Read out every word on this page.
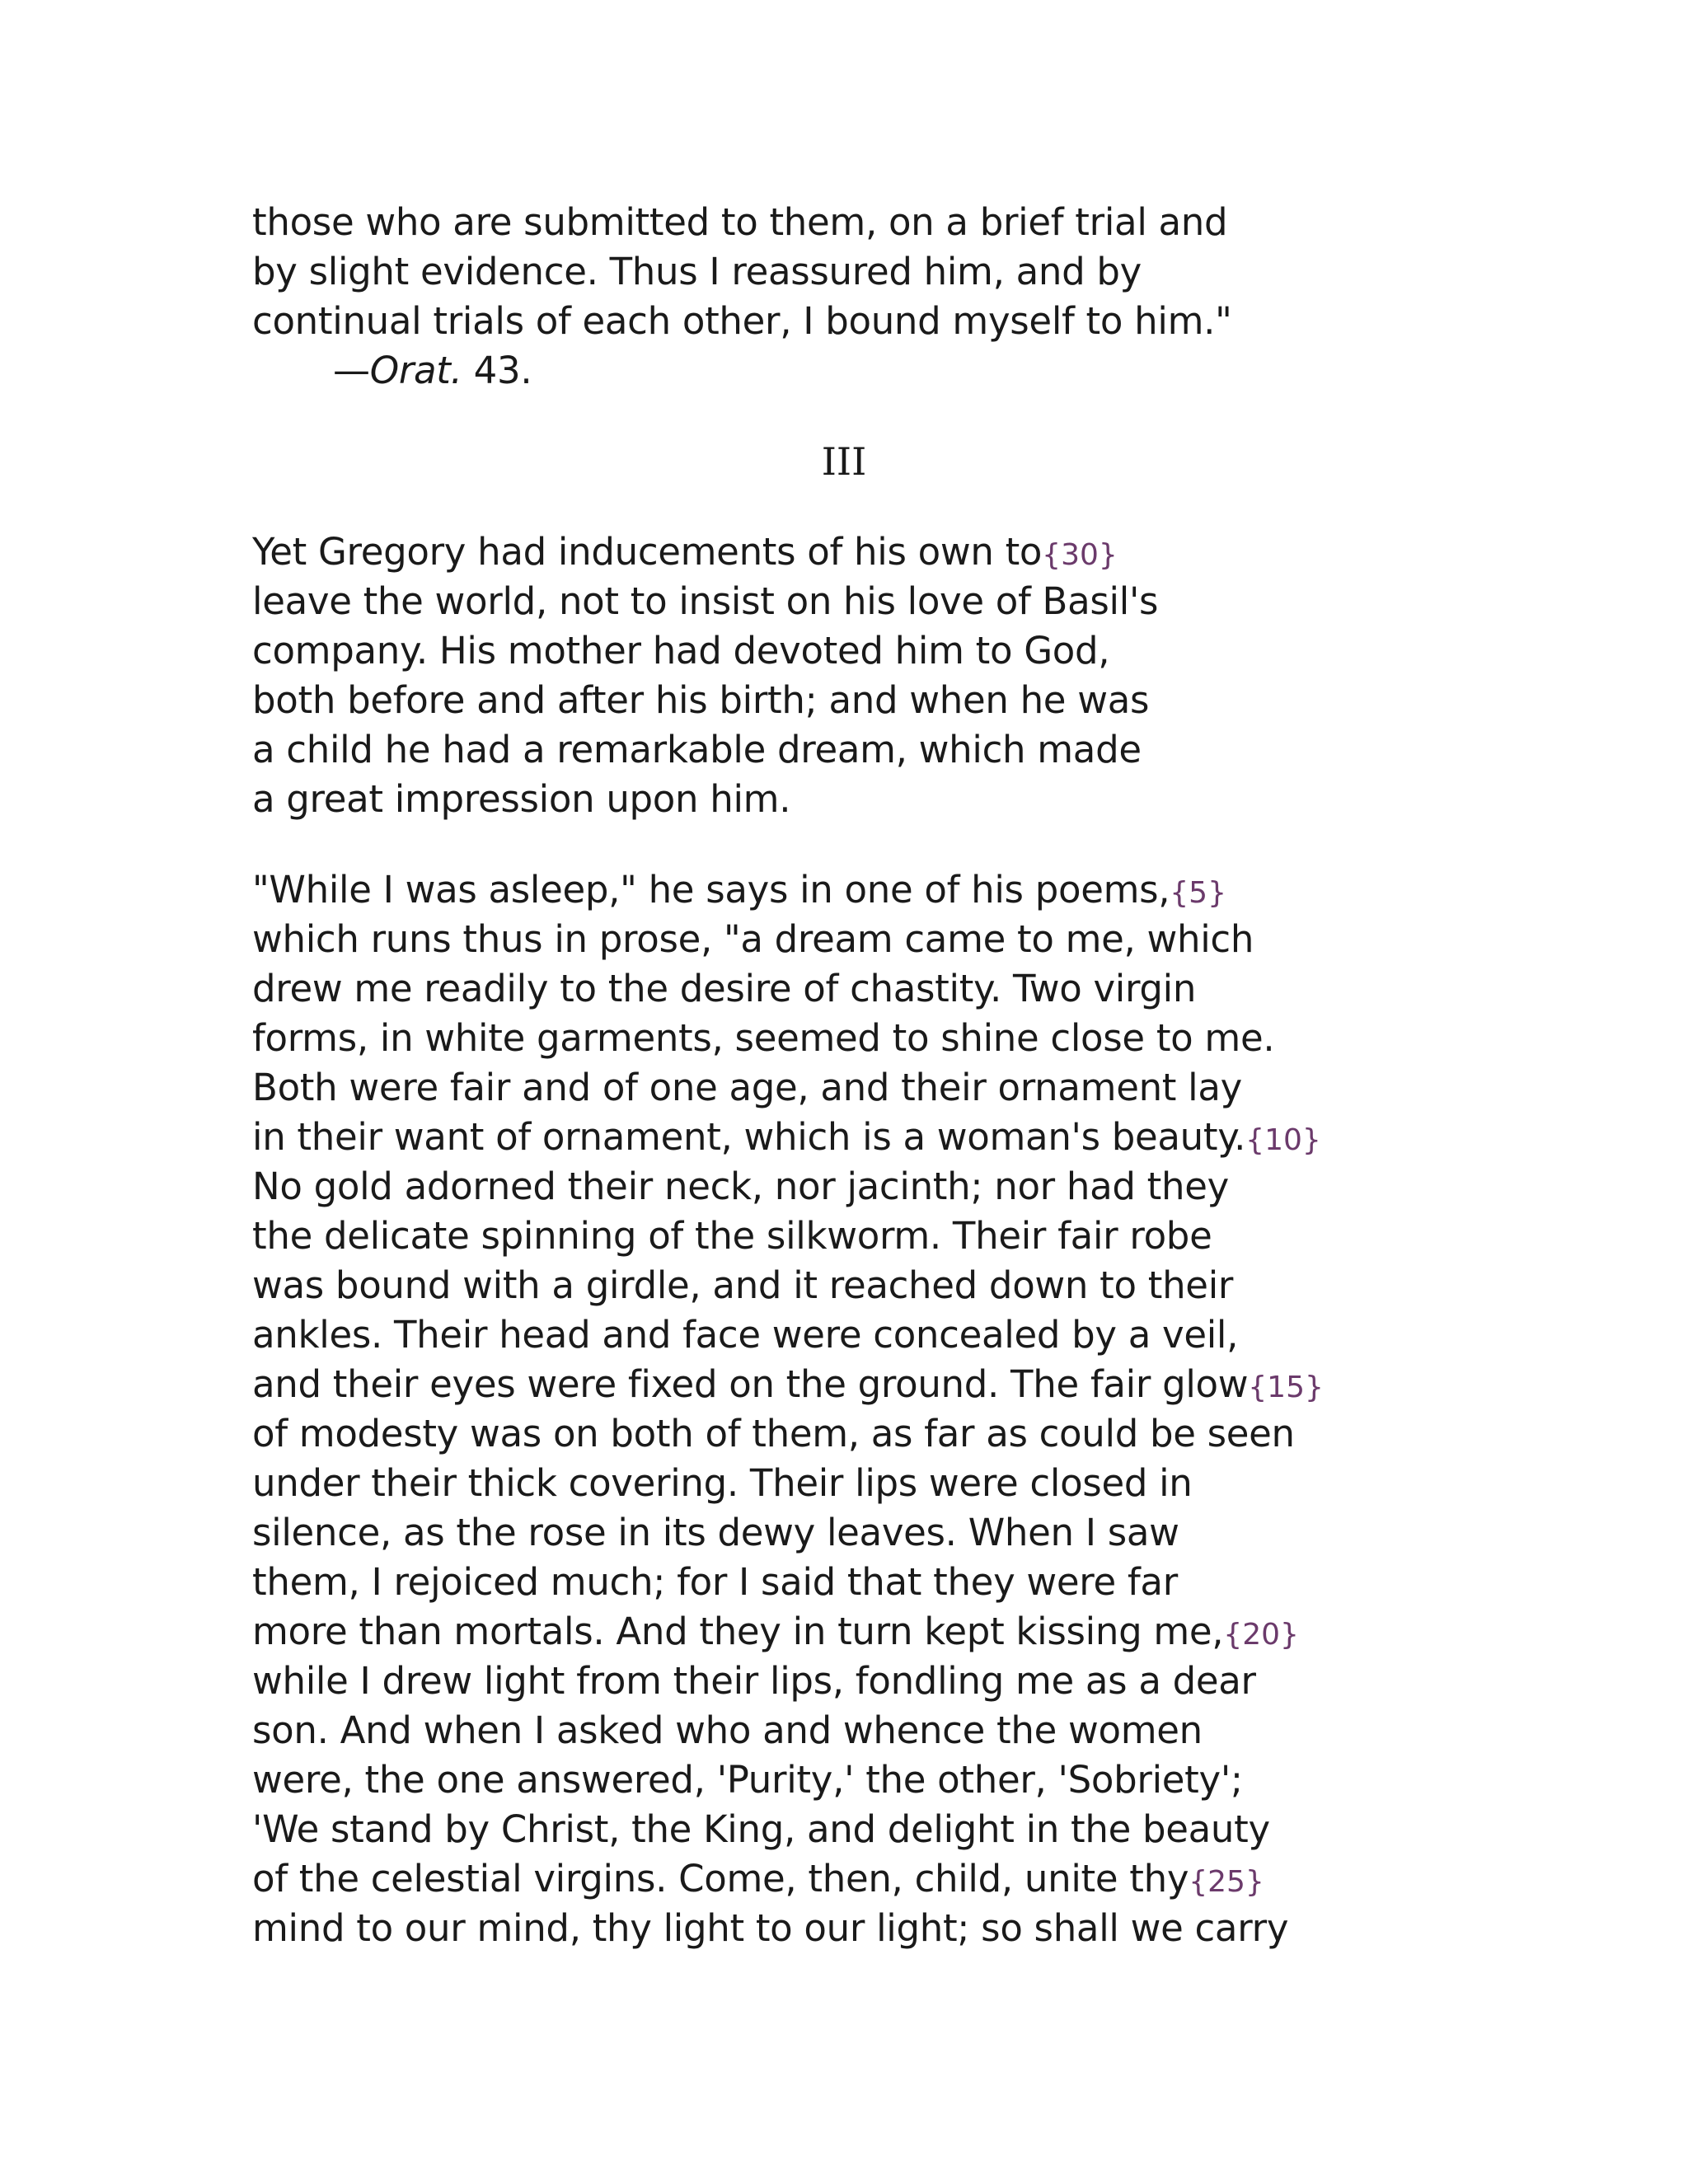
those who are submitted to them, on a brief trial and
by slight evidence. Thus I reassured him, and by
continual trials of each other, I bound myself to him."
—Orat. 43.
III
Yet Gregory had inducements of his own to{30}
leave the world, not to insist on his love of Basil's
company. His mother had devoted him to God,
both before and after his birth; and when he was
a child he had a remarkable dream, which made
a great impression upon him.
"While I was asleep," he says in one of his poems,{5}
which runs thus in prose, "a dream came to me, which
drew me readily to the desire of chastity. Two virgin
forms, in white garments, seemed to shine close to me.
Both were fair and of one age, and their ornament lay
in their want of ornament, which is a woman's beauty.{10}
No gold adorned their neck, nor jacinth; nor had they
the delicate spinning of the silkworm. Their fair robe
was bound with a girdle, and it reached down to their
ankles. Their head and face were concealed by a veil,
and their eyes were fixed on the ground. The fair glow{15}
of modesty was on both of them, as far as could be seen
under their thick covering. Their lips were closed in
silence, as the rose in its dewy leaves. When I saw
them, I rejoiced much; for I said that they were far
more than mortals. And they in turn kept kissing me,{20}
while I drew light from their lips, fondling me as a dear
son. And when I asked who and whence the women
were, the one answered, 'Purity,' the other, 'Sobriety';
'We stand by Christ, the King, and delight in the beauty
of the celestial virgins. Come, then, child, unite thy{25}
mind to our mind, thy light to our light; so shall we carry
